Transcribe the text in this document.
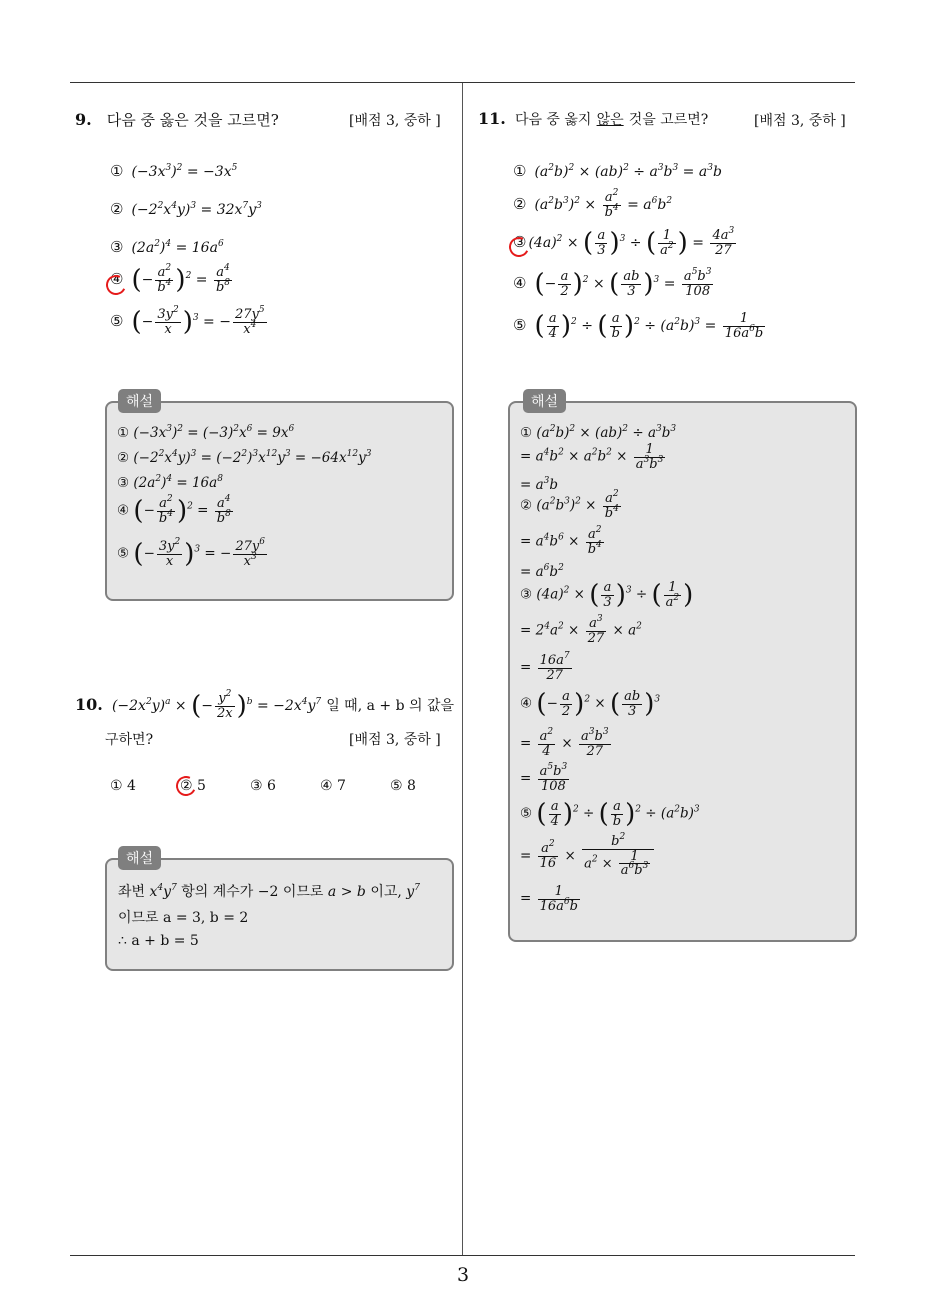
3
9. 다음 중 옳은 것을 고르면?	[배점 3, 중하 ]
① $(-3x^3)^2 = -3x^5$
② $(-2^2x^4y)^3 = 32x^7y^3$
③ $(2a^2)^4 = 16a^6$
④ (− $\frac{a^2}{b^4} )^2 = \frac{a^4}{b^8}$
⑤ (− $\frac{3y^2}{x} )^3$ = − $\frac{27y^5}{x^4}$
해설
① $(-3x^3)^2 = (-3)^2x^6 = 9x^6$
② $(-2^2x^4y)^3 = (-2^2)^3x^{12}y^3 = -64x^{12}y^3$
③ $(2a^2)^4 = 16a^8$
④ (− $\frac{a^2}{b^4} )^2 = \frac{a^4}{b^8}$
⑤ (− $\frac{3y^2}{x} )^3$ = − $\frac{27y^6}{x^3}$
10. $(-2x^2y)^a$ × (− $\frac{y^2}{2x} )^b = -2x^4y^7$ 일 때, a + b 의 값을
구하면?	[배점 3, 중하 ]
① 4	② 5	③ 6	④ 7	⑤ 8
해설
좌변 $x^4y^7$ 항의 계수가 −2 이므로 a > b 이고, $y^7$
이므로 a = 3, b = 2
∴ a + b = 5
11. 다음 중 옳지 않은 것을 고르면?	[배점 3, 중하 ]
① $(a^2b)^2 \times (ab)^2 \div a^3b^3 = a^3b$
② $(a^2b^3)^2 \times \frac{a^2}{b^4} = a^6b^2$
③ $(4a)^2$ × ( $\frac{a}{3} )^3$ ÷ ( $\frac{1}{a^2}$ ) = $\frac{4a^3}{27}$
④ (− $\frac{a}{2} )^2$ × ( $\frac{ab}{3} )^3 = \frac{a^5b^3}{108}$
⑤ ( $\frac{a}{4} )^2$ ÷ ( $\frac{a}{b} )^2 \div (a^2b)^3 = \frac{1}{16a^6b}$
해설
① $(a^2b)^2 \times (ab)^2 \div a^3b^3$
= $a^4b^2 \times a^2b^2 \times \frac{1}{a^3b^3}$
= $a^3b$
② $(a^2b^3)^2 \times \frac{a^2}{b^4}$
= $a^4b^6 \times \frac{a^2}{b^4}$
= $a^6b^2$
③ $(4a)^2$ × ( $\frac{a}{3} )^3$ ÷ ( $\frac{1}{a^2}$ )
= $2^4a^2 \times \frac{a^3}{27} \times a^2$
= $\frac{16a^7}{27}$
④ (− $\frac{a}{2} )^2$ × ( $\frac{ab}{3} )^3$
= $\frac{a^2}{4} \times \frac{a^3b^3}{27}$
= $\frac{a^5b^3}{108}$
⑤ ( $\frac{a}{4} )^2$ ÷ ( $\frac{a}{b} )^2 \div (a^2b)^3$
= $\frac{a^2}{16} \times \frac{b^2}{a^2 \times \frac{1}{a^6b^3}}$
= $\frac{1}{16a^6b}$
